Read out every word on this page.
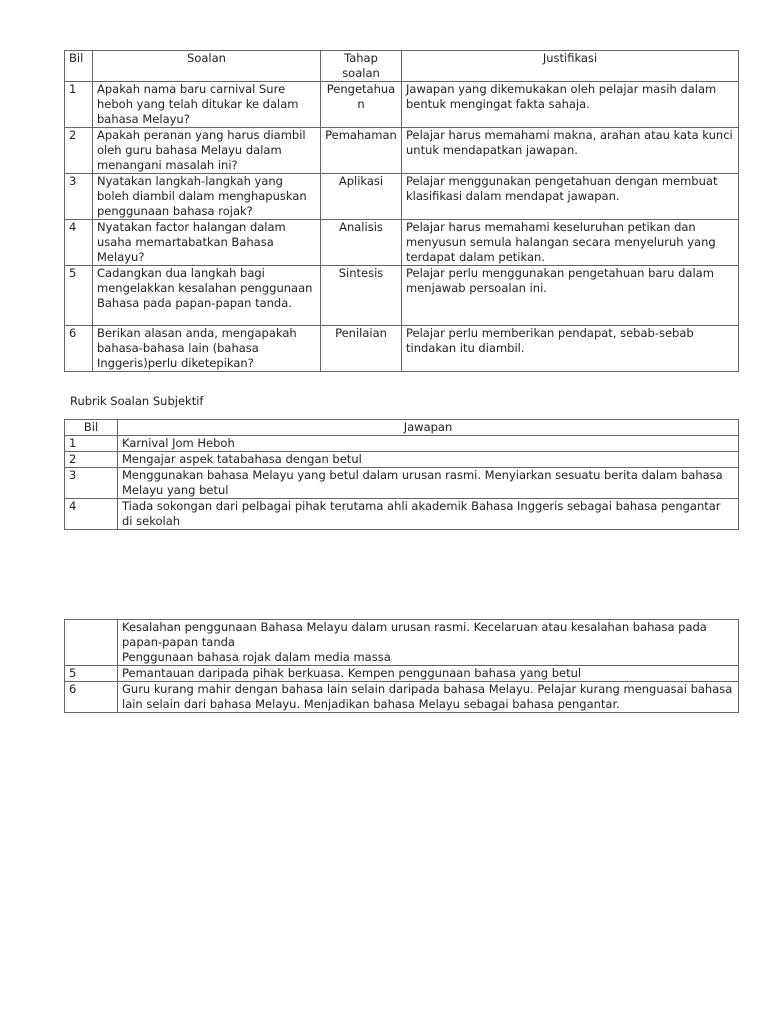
Bil	Soalan	Tahap soalan	Justifikasi
1	Apakah nama baru carnival Sure heboh yang telah ditukar ke dalam bahasa Melayu?	Pengetahuan	Jawapan yang dikemukakan oleh pelajar masih dalam bentuk mengingat fakta sahaja.
2	Apakah peranan yang harus diambil oleh guru bahasa Melayu dalam menangani masalah ini?	Pemahaman	Pelajar harus memahami makna, arahan atau kata kunci untuk mendapatkan jawapan.
3	Nyatakan langkah-langkah yang boleh diambil dalam menghapuskan penggunaan bahasa rojak?	Aplikasi	Pelajar menggunakan pengetahuan dengan membuat klasifikasi dalam mendapat jawapan.
4	Nyatakan factor halangan dalam usaha memartabatkan Bahasa Melayu?	Analisis	Pelajar harus memahami keseluruhan petikan dan menyusun semula halangan secara menyeluruh yang terdapat dalam petikan.
5	Cadangkan dua langkah bagi mengelakkan kesalahan penggunaan Bahasa pada papan-papan tanda.	Sintesis	Pelajar perlu menggunakan pengetahuan baru dalam menjawab persoalan ini.
6	Berikan alasan anda, mengapakah bahasa-bahasa lain (bahasa Inggeris)perlu diketepikan?	Penilaian	Pelajar perlu memberikan pendapat, sebab-sebab tindakan itu diambil.
Rubrik Soalan Subjektif
Bil	Jawapan
1	Karnival Jom Heboh
2	Mengajar aspek tatabahasa dengan betul
3	Menggunakan bahasa Melayu yang betul dalam urusan rasmi. Menyiarkan sesuatu berita dalam bahasa Melayu yang betul
4	Tiada sokongan dari pelbagai pihak terutama ahli akademik Bahasa Inggeris sebagai bahasa pengantar di sekolah

	Kesalahan penggunaan Bahasa Melayu dalam urusan rasmi. Kecelaruan atau kesalahan bahasa pada papan-papan tanda
Penggunaan bahasa rojak dalam media massa

5	Pemantauan daripada pihak berkuasa. Kempen penggunaan bahasa yang betul
6	Guru kurang mahir dengan bahasa lain selain daripada bahasa Melayu. Pelajar kurang menguasai bahasa lain selain dari bahasa Melayu. Menjadikan bahasa Melayu sebagai bahasa pengantar.
